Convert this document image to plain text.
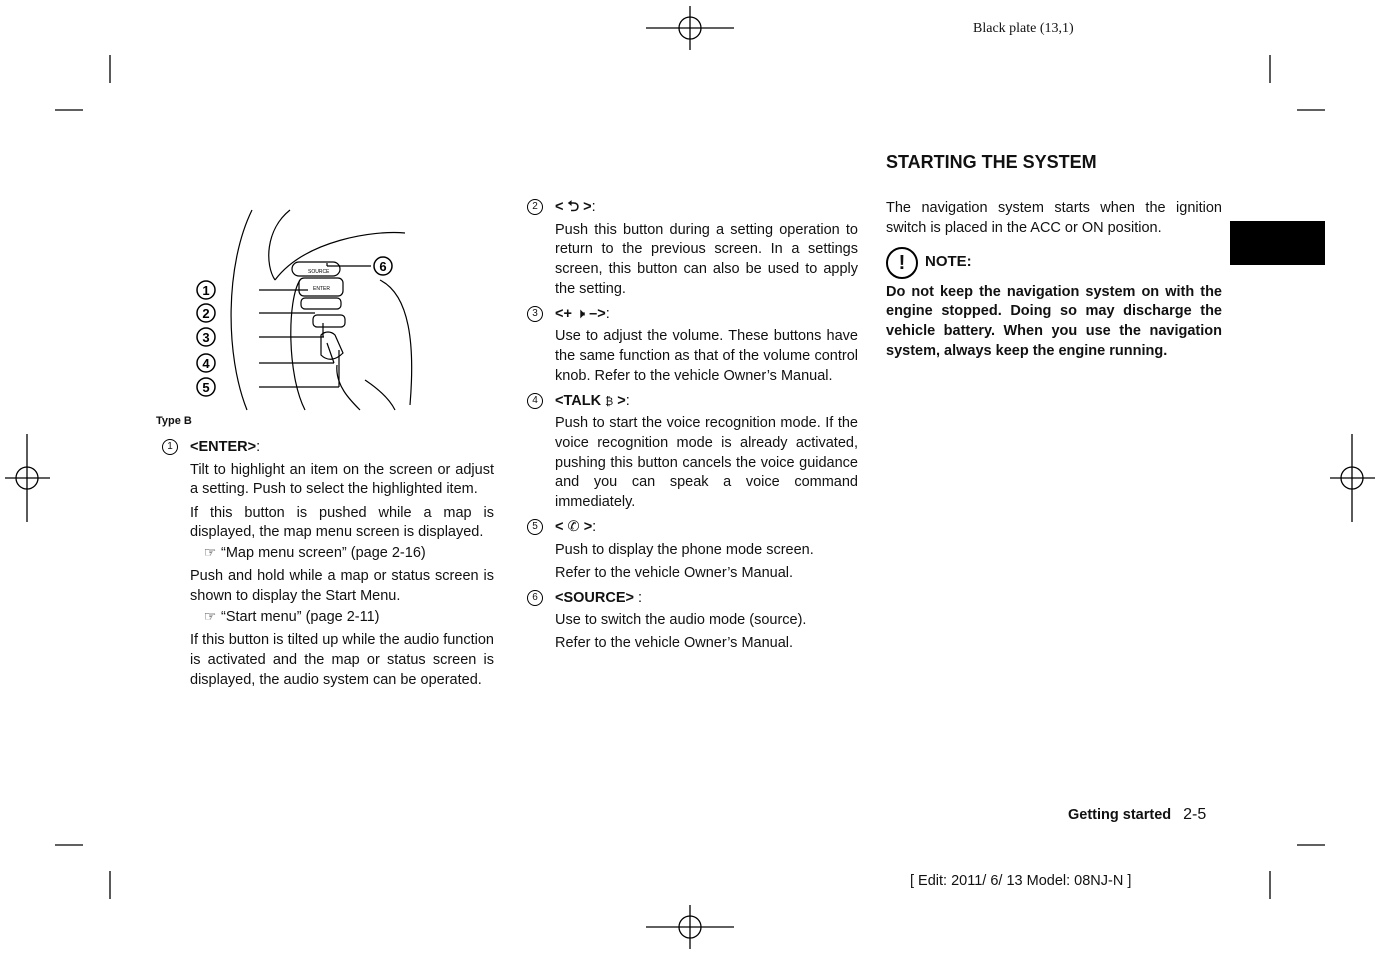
Black plate (13,1)
SOURCE
ENTER
1
2
3
4
5
6
Type B
1	<ENTER>:

Tilt to highlight an item on the screen or adjust a setting. Push to select the highlighted item.

If this button is pushed while a map is displayed, the map menu screen is displayed.

☞ “Map menu screen” (page 2-16)

Push and hold while a map or status screen is shown to display the Start Menu.

☞ “Start menu” (page 2-11)

If this button is tilted up while the audio function is activated and the map or status screen is displayed, the audio system can be operated.

2	< ⮌ >:

Push this button during a setting operation to return to the previous screen. In a settings screen, this button can also be used to apply the setting.

3	<+ 🕨 –>:

Use to adjust the volume. These buttons have the same function as that of the volume control knob. Refer to the vehicle Owner’s Manual.

4	<TALK ₿ >:

Push to start the voice recognition mode. If the voice recognition mode is already activated, pushing this button cancels the voice guidance and you can speak a voice command immediately.

5	< ✆ >:

Push to display the phone mode screen.

Refer to the vehicle Owner’s Manual.

6	<SOURCE> :

Use to switch the audio mode (source).

Refer to the vehicle Owner’s Manual.

STARTING THE SYSTEM

The navigation system starts when the ignition switch is placed in the ACC or ON position.

!	NOTE:

Do not keep the navigation system on with the engine stopped. Doing so may discharge the vehicle battery. When you use the navigation system, always keep the engine running.

Getting started 2-5
[ Edit: 2011/ 6/ 13 Model: 08NJ-N ]
